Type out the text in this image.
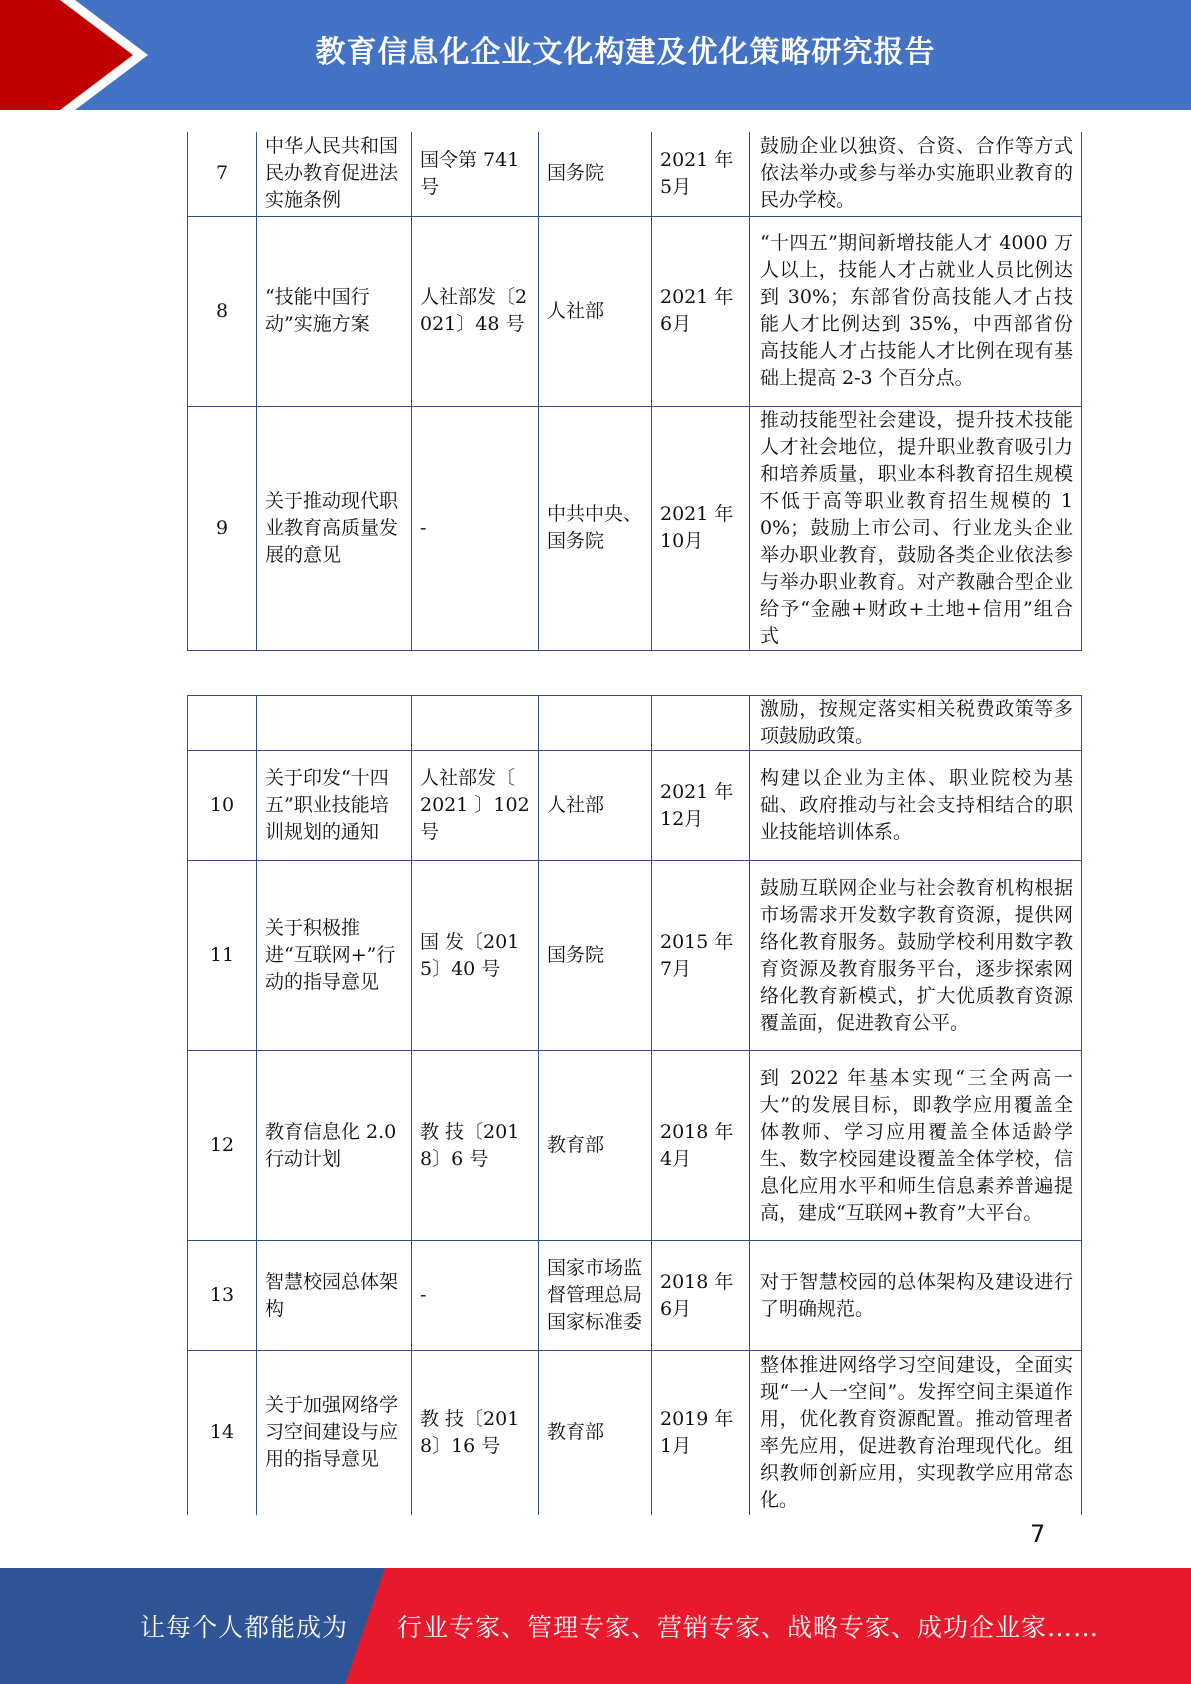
教育信息化企业文化构建及优化策略研究报告
7	中华人民共和国民办教育促进法实施条例	国令第 741 号	国务院	2021 年 5月	鼓励企业以独资、合资、合作等方式依法举办或参与举办实施职业教育的民办学校。
8	“技能中国行动”实施方案	人社部发〔2021〕48 号	人社部	2021 年 6月	“十四五”期间新增技能人才 4000 万人以上，技能人才占就业人员比例达到 30%；东部省份高技能人才占技能人才比例达到 35%，中西部省份高技能人才占技能人才比例在现有基础上提高 2-3 个百分点。
9	关于推动现代职业教育高质量发展的意见	-	中共中央、国务院	2021 年 10月	推动技能型社会建设，提升技术技能人才社会地位，提升职业教育吸引力和培养质量，职业本科教育招生规模不低于高等职业教育招生规模的 10%；鼓励上市公司、行业龙头企业举办职业教育，鼓励各类企业依法参与举办职业教育。对产教融合型企业给予“金融+财政+土地+信用”组合式
					激励，按规定落实相关税费政策等多项鼓励政策。
10	关于印发“十四五”职业技能培训规划的通知	人社部发〔 2021 〕102 号	人社部	2021 年 12月	构建以企业为主体、职业院校为基础、政府推动与社会支持相结合的职业技能培训体系。
11	关于积极推进“互联网+”行动的指导意见	国 发〔2015〕40 号	国务院	2015 年 7月	鼓励互联网企业与社会教育机构根据市场需求开发数字教育资源，提供网络化教育服务。鼓励学校利用数字教育资源及教育服务平台，逐步探索网络化教育新模式，扩大优质教育资源覆盖面，促进教育公平。
12	教育信息化 2.0 行动计划	教 技〔2018〕6 号	教育部	2018 年 4月	到 2022 年基本实现“三全两高一大”的发展目标，即教学应用覆盖全体教师、学习应用覆盖全体适龄学生、数字校园建设覆盖全体学校，信息化应用水平和师生信息素养普遍提高，建成“互联网+教育”大平台。
13	智慧校园总体架构	-	国家市场监督管理总局国家标准委	2018 年 6月	对于智慧校园的总体架构及建设进行了明确规范。
14	关于加强网络学习空间建设与应用的指导意见	教 技〔2018〕16 号	教育部	2019 年 1月	整体推进网络学习空间建设，全面实现“一人一空间”。发挥空间主渠道作用，优化教育资源配置。推动管理者率先应用，促进教育治理现代化。组织教师创新应用，实现教学应用常态化。
7
让每个人都能成为 行业专家、管理专家、营销专家、战略专家、成功企业家……
